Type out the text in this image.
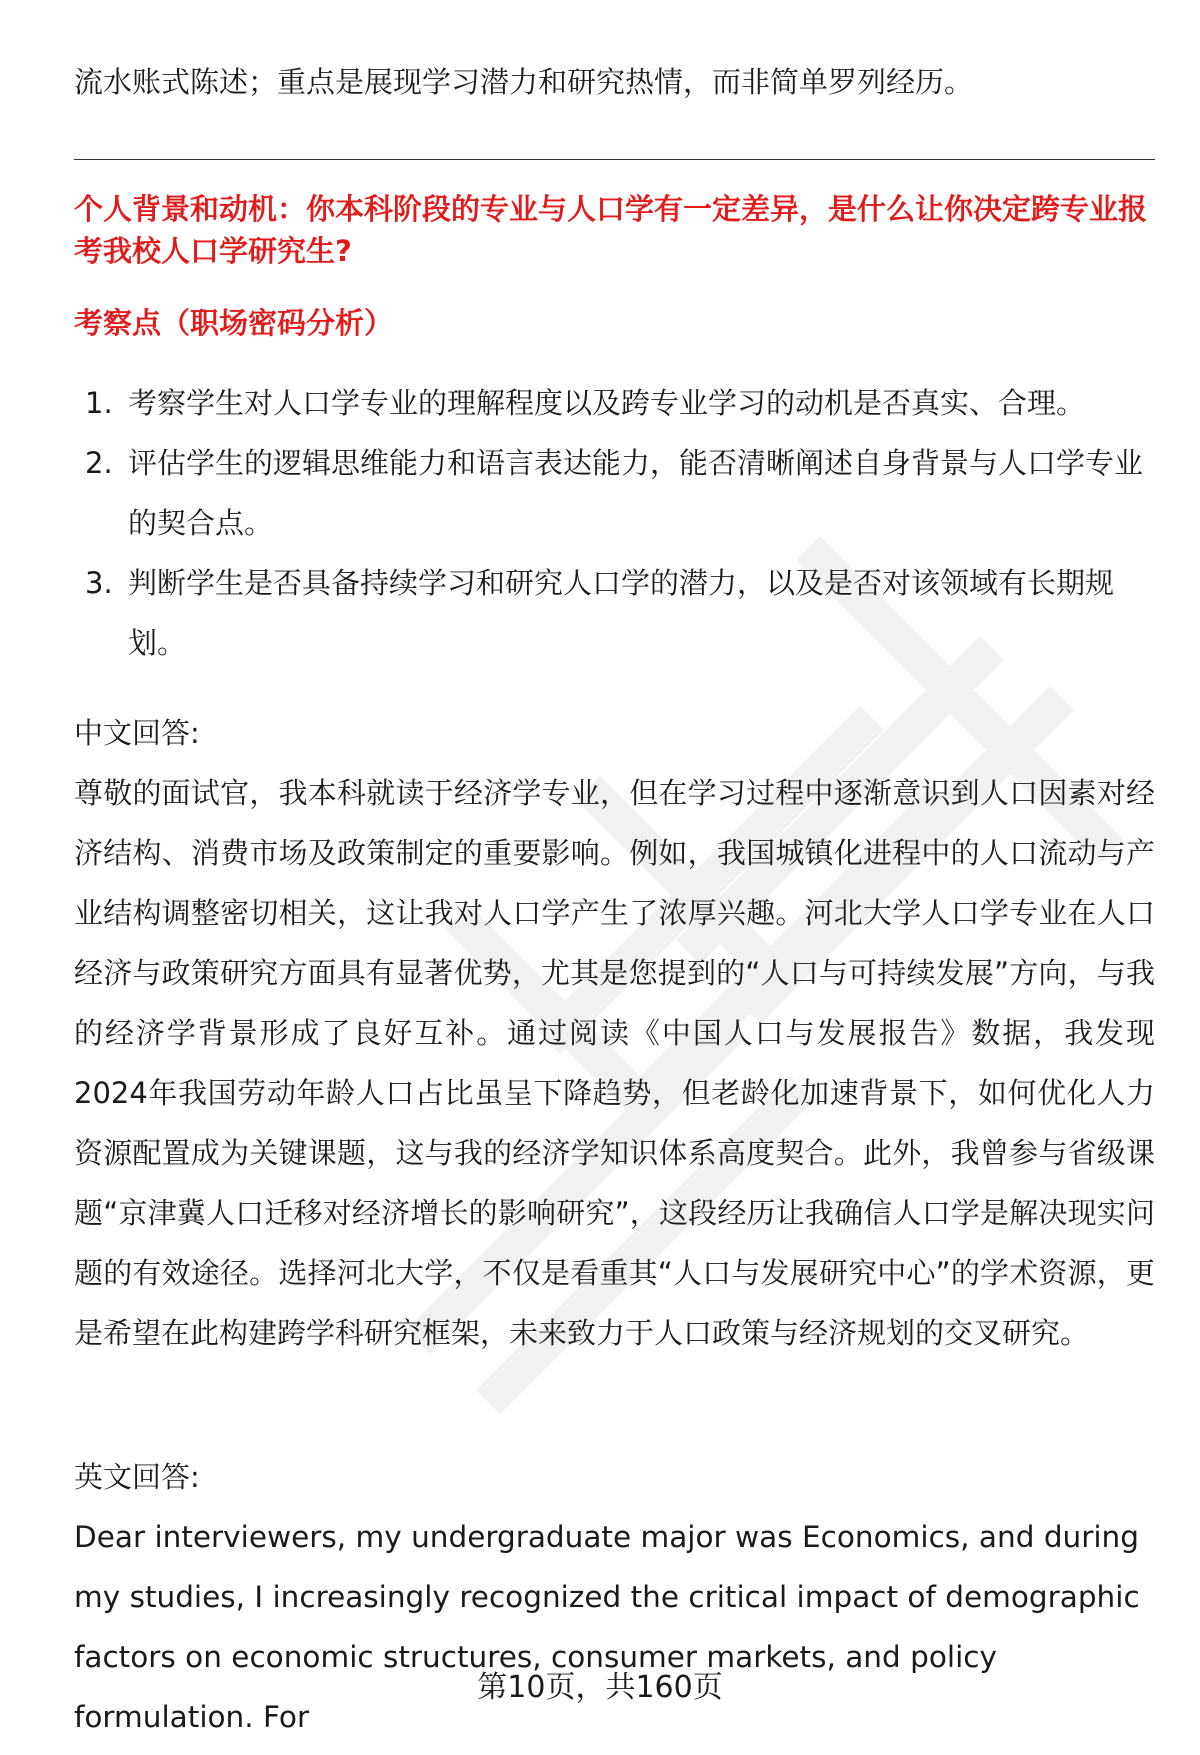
流水账式陈述；重点是展现学习潜力和研究热情，而非简单罗列经历。
个人背景和动机：你本科阶段的专业与人口学有一定差异，是什么让你决定跨专业报考我校人口学研究生?
考察点（职场密码分析）
1. 考察学生对人口学专业的理解程度以及跨专业学习的动机是否真实、合理。
2. 评估学生的逻辑思维能力和语言表达能力，能否清晰阐述自身背景与人口学专业的契合点。
3. 判断学生是否具备持续学习和研究人口学的潜力，以及是否对该领域有长期规划。
中文回答:
尊敬的面试官，我本科就读于经济学专业，但在学习过程中逐渐意识到人口因素对经济结构、消费市场及政策制定的重要影响。例如，我国城镇化进程中的人口流动与产业结构调整密切相关，这让我对人口学产生了浓厚兴趣。河北大学人口学专业在人口经济与政策研究方面具有显著优势，尤其是您提到的“人口与可持续发展”方向，与我的经济学背景形成了良好互补。通过阅读《中国人口与发展报告》数据，我发现2024年我国劳动年龄人口占比虽呈下降趋势，但老龄化加速背景下，如何优化人力资源配置成为关键课题，这与我的经济学知识体系高度契合。此外，我曾参与省级课题“京津冀人口迁移对经济增长的影响研究”，这段经历让我确信人口学是解决现实问题的有效途径。选择河北大学，不仅是看重其“人口与发展研究中心”的学术资源，更是希望在此构建跨学科研究框架，未来致力于人口政策与经济规划的交叉研究。
英文回答:
Dear interviewers, my undergraduate major was Economics, and during my studies, I increasingly recognized the critical impact of demographic factors on economic structures, consumer markets, and policy formulation. For
第10页，共160页
